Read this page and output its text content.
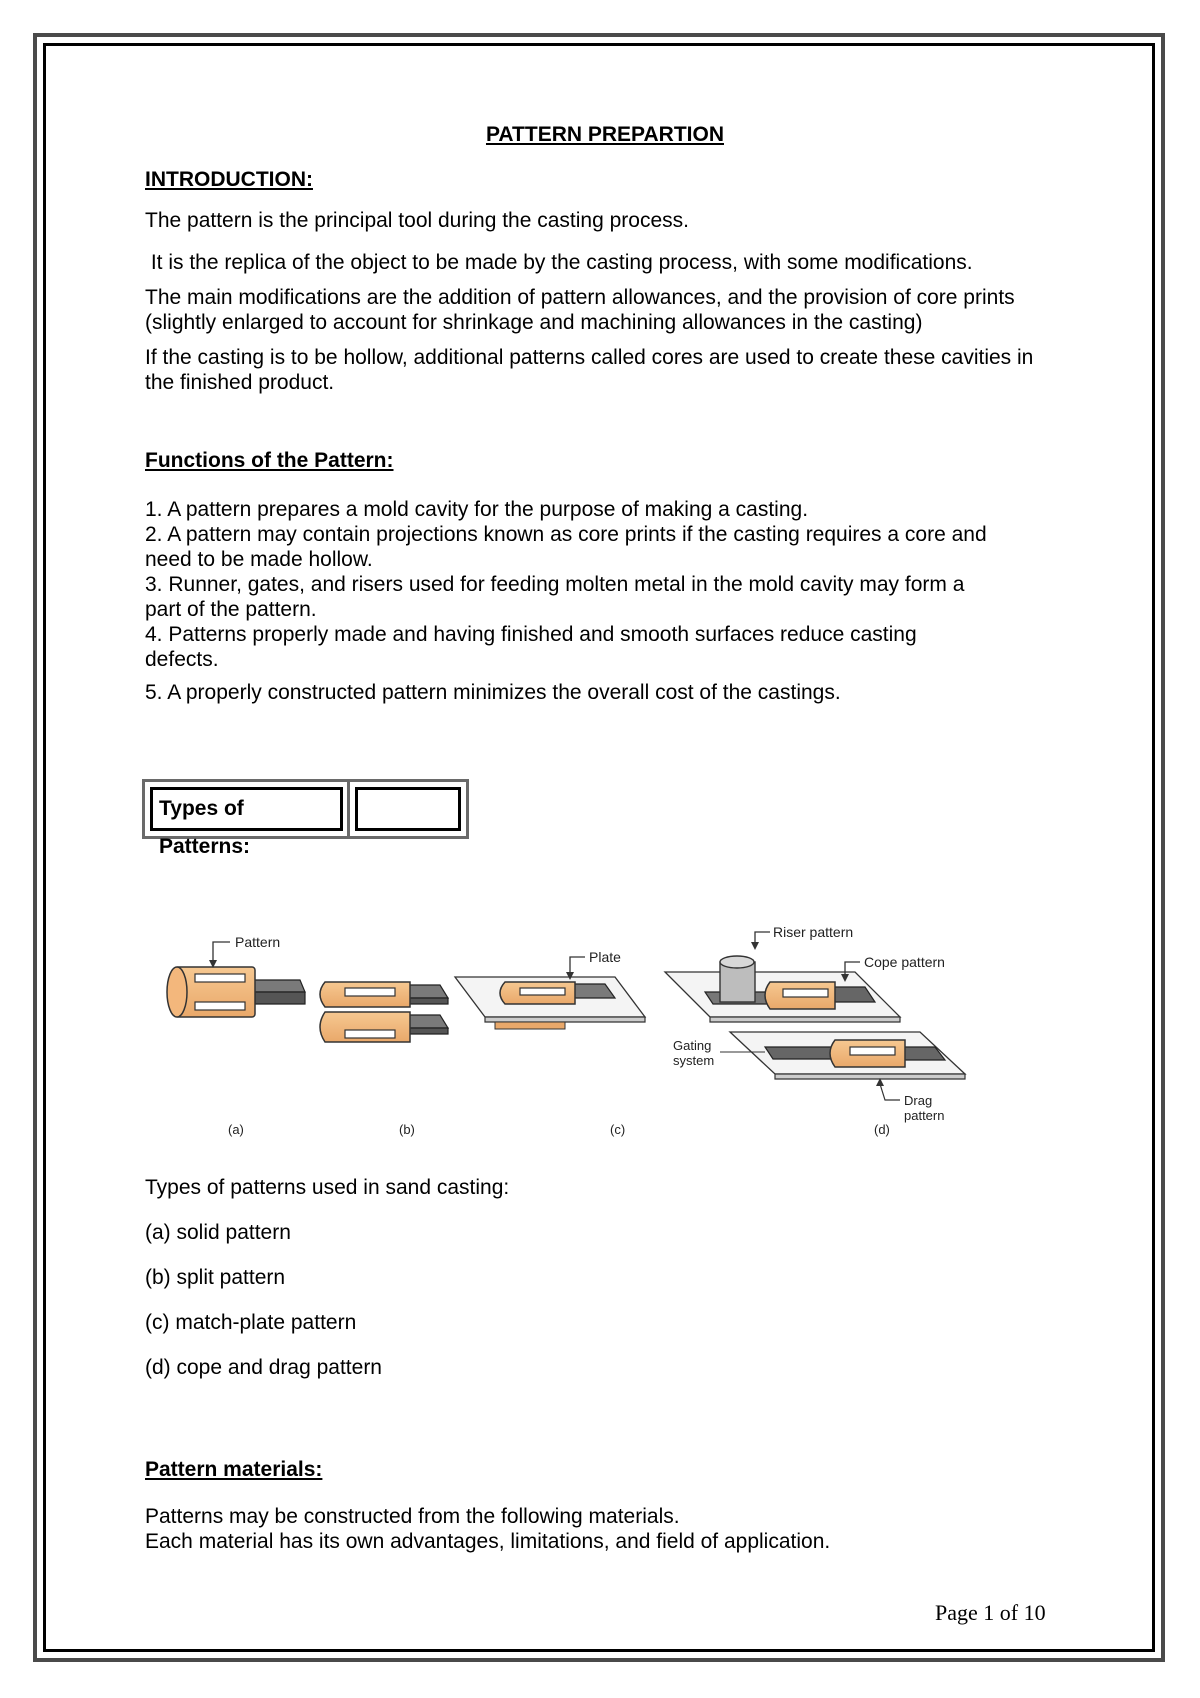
PATTERN PREPARTION

INTRODUCTION:

The pattern is the principal tool during the casting process.

It is the replica of the object to be made by the casting process, with some modifications.

The main modifications are the addition of pattern allowances, and the provision of core prints (slightly enlarged to account for shrinkage and machining allowances in the casting)

If the casting is to be hollow, additional patterns called cores are used to create these cavities in the finished product.

Functions of the Pattern:

1. A pattern prepares a mold cavity for the purpose of making a casting.

2. A pattern may contain projections known as core prints if the casting requires a core and need to be made hollow.

3. Runner, gates, and risers used for feeding molten metal in the mold cavity may form a part of the pattern.

4. Patterns properly made and having finished and smooth surfaces reduce casting defects.

5. A properly constructed pattern minimizes the overall cost of the castings.

Types of Patterns:
Pattern
Plate
Riser pattern
Cope pattern
Gating
system
Drag
pattern
(a)	(b)	(c)	(d)

Types of patterns used in sand casting:

(a) solid pattern

(b) split pattern

(c) match-plate pattern

(d) cope and drag pattern

Pattern materials:

Patterns may be constructed from the following materials.

Each material has its own advantages, limitations, and field of application.

Page 1 of 10
